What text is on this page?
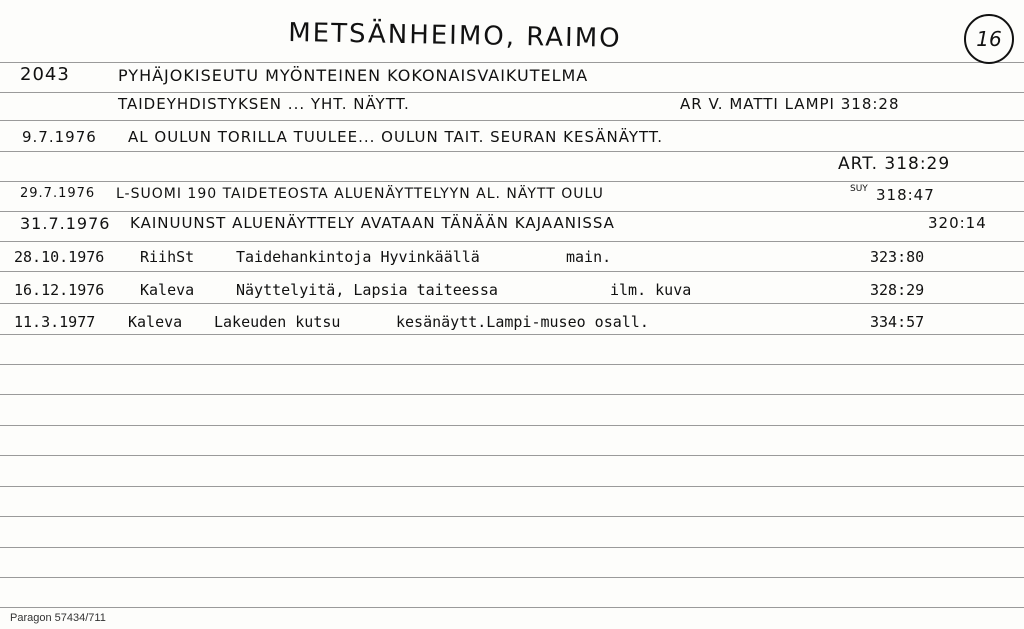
METSÄNHEIMO, RAIMO	16
2043	PYHÄJOKISEUTU MYÖNTEINEN KOKONAISVAIKUTELMA
TAIDEYHDISTYKSEN ... YHT. NÄYTT.	AR V. MATTI LAMPI 318:28
9.7.1976 AL OULUN TORILLA TUULEE... OULUN TAIT. SEURAN KESÄNÄYTT.
ART. 318:29
29.7.1976 L-SUOMI 190 TAIDETEOSTA ALUENÄYTTELYYN AL. NÄYTT OULU	SUY 318:47
31.7.1976 KAINUUNST ALUENÄYTTELY AVATAAN TÄNÄÄN KAJAANISSA	320:14
28.10.1976 RiihSt	Taidehankintoja Hyvinkäällä	main.	323:80
16.12.1976 Kaleva	Näyttelyitä, Lapsia taiteessa	ilm. kuva	328:29
11.3.1977 Kaleva Lakeuden kutsu	kesänäytt.Lampi-museo osall.	334:57
Paragon 57434/711
